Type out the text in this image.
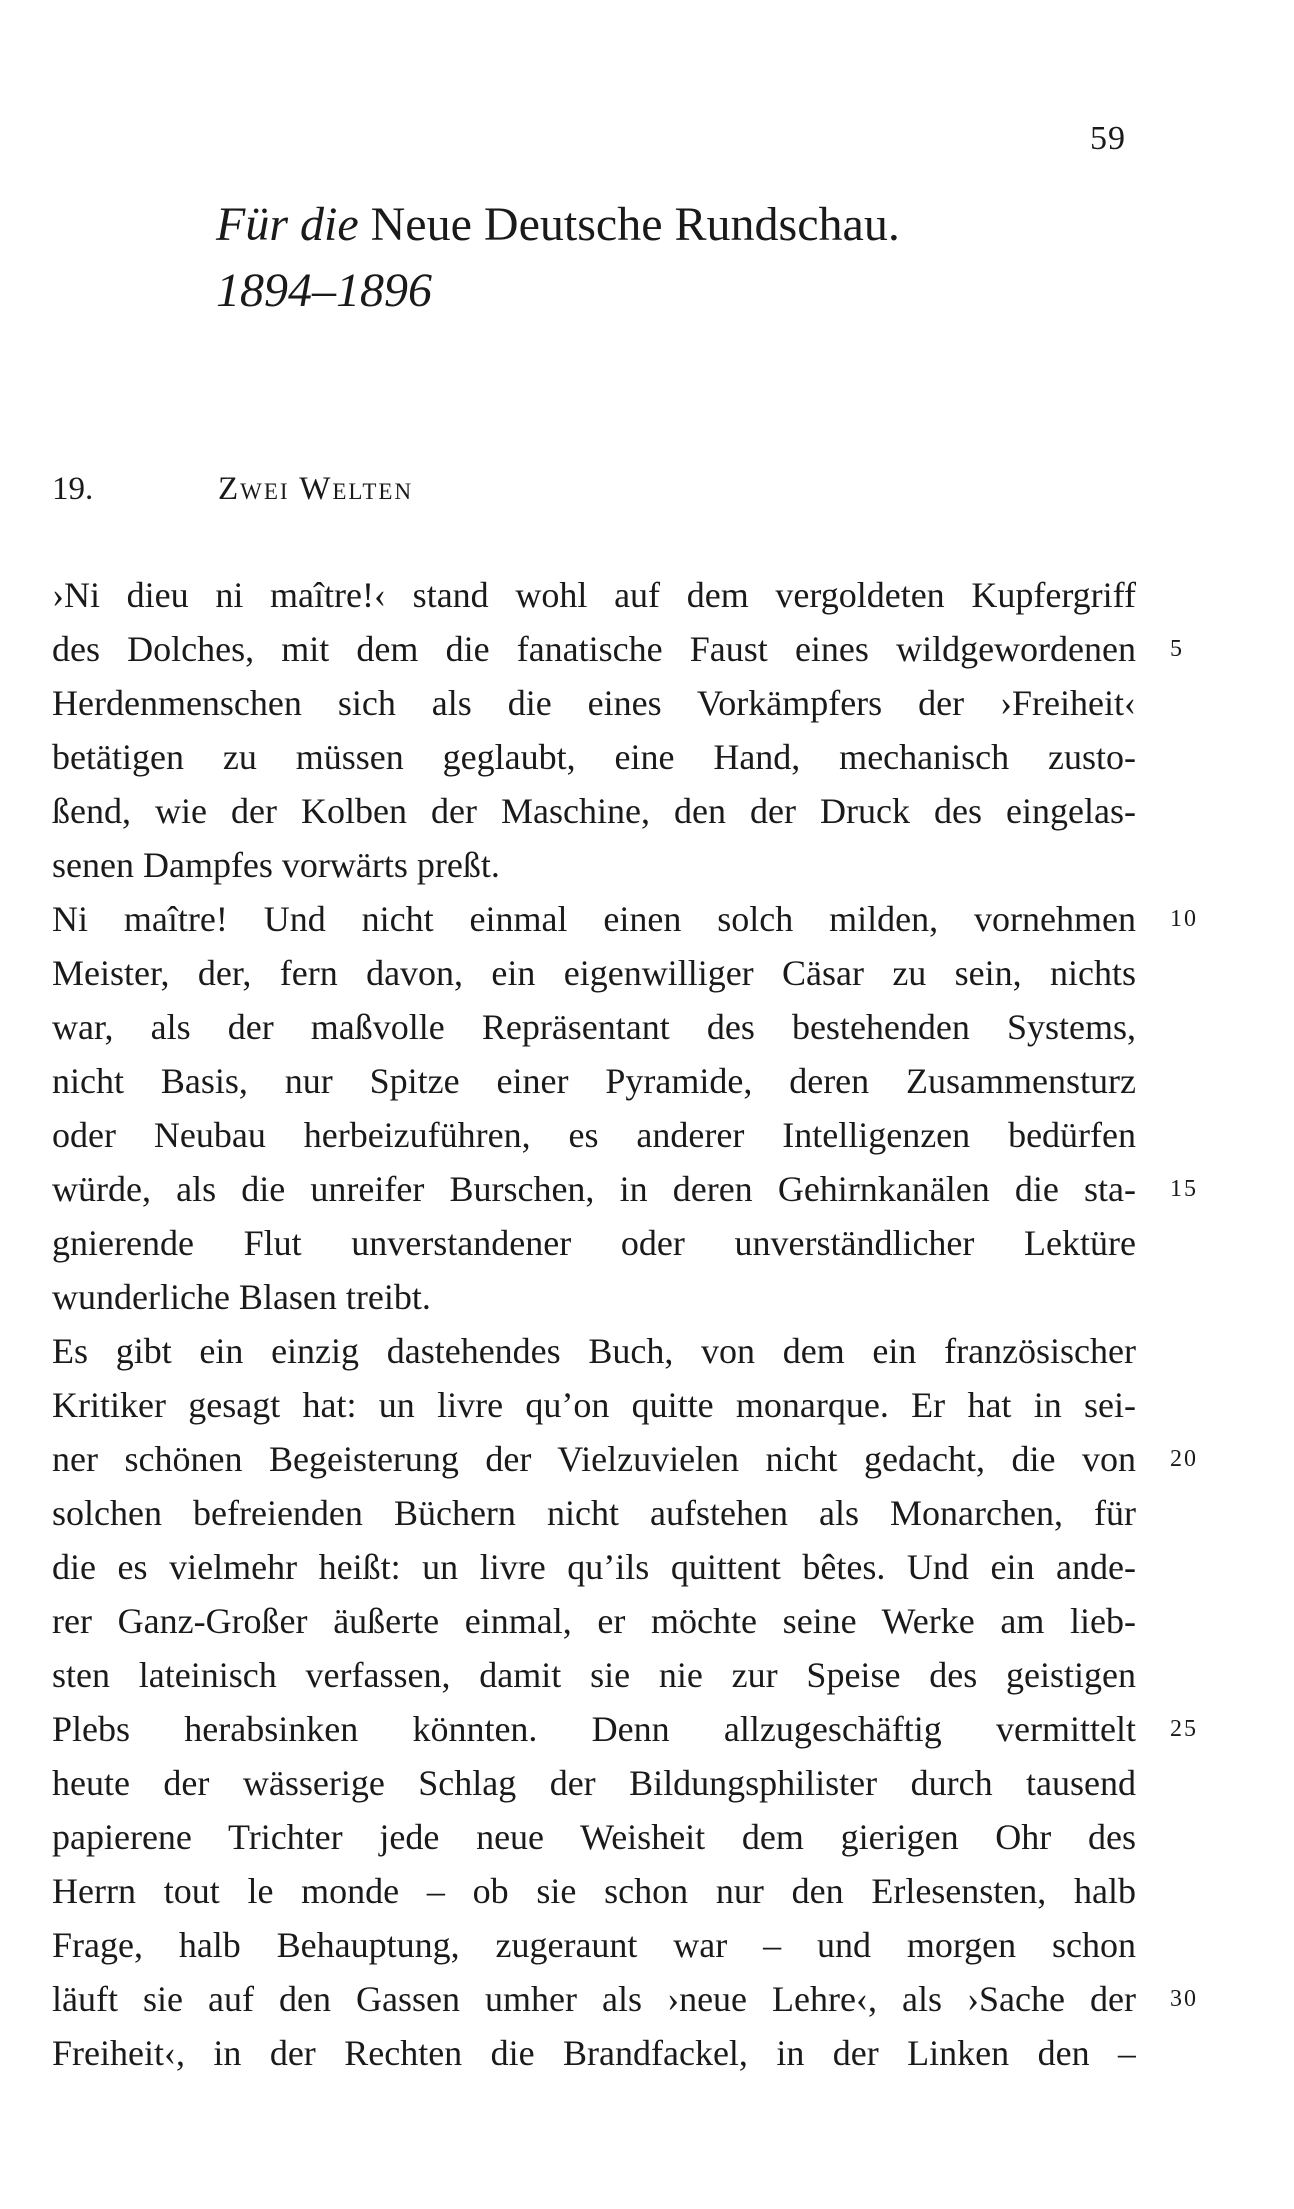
59
Für die Neue Deutsche Rundschau.
1894–1896
19.	Zwei Welten
›Ni dieu ni maître!‹ stand wohl auf dem vergoldeten Kupfergriff
des Dolches, mit dem die fanatische Faust eines wildgewordenen 5
Herdenmenschen sich als die eines Vorkämpfers der ›Freiheit‹
betätigen zu müssen geglaubt, eine Hand, mechanisch zusto-
ßend, wie der Kolben der Maschine, den der Druck des eingelas-
senen Dampfes vorwärts preßt.
Ni maître! Und nicht einmal einen solch milden, vornehmen 10
Meister, der, fern davon, ein eigenwilliger Cäsar zu sein, nichts
war, als der maßvolle Repräsentant des bestehenden Systems,
nicht Basis, nur Spitze einer Pyramide, deren Zusammensturz
oder Neubau herbeizuführen, es anderer Intelligenzen bedürfen
würde, als die unreifer Burschen, in deren Gehirnkanälen die sta- 15
gnierende Flut unverstandener oder unverständlicher Lektüre
wunderliche Blasen treibt.
Es gibt ein einzig dastehendes Buch, von dem ein französischer
Kritiker gesagt hat: un livre qu’on quitte monarque. Er hat in sei-
ner schönen Begeisterung der Vielzuvielen nicht gedacht, die von 20
solchen befreienden Büchern nicht aufstehen als Monarchen, für
die es vielmehr heißt: un livre qu’ils quittent bêtes. Und ein ande-
rer Ganz-Großer äußerte einmal, er möchte seine Werke am lieb-
sten lateinisch verfassen, damit sie nie zur Speise des geistigen
Plebs herabsinken könnten. Denn allzugeschäftig vermittelt 25
heute der wässerige Schlag der Bildungsphilister durch tausend
papierene Trichter jede neue Weisheit dem gierigen Ohr des
Herrn tout le monde – ob sie schon nur den Erlesensten, halb
Frage, halb Behauptung, zugeraunt war – und morgen schon
läuft sie auf den Gassen umher als ›neue Lehre‹, als ›Sache der 30
Freiheit‹, in der Rechten die Brandfackel, in der Linken den –
